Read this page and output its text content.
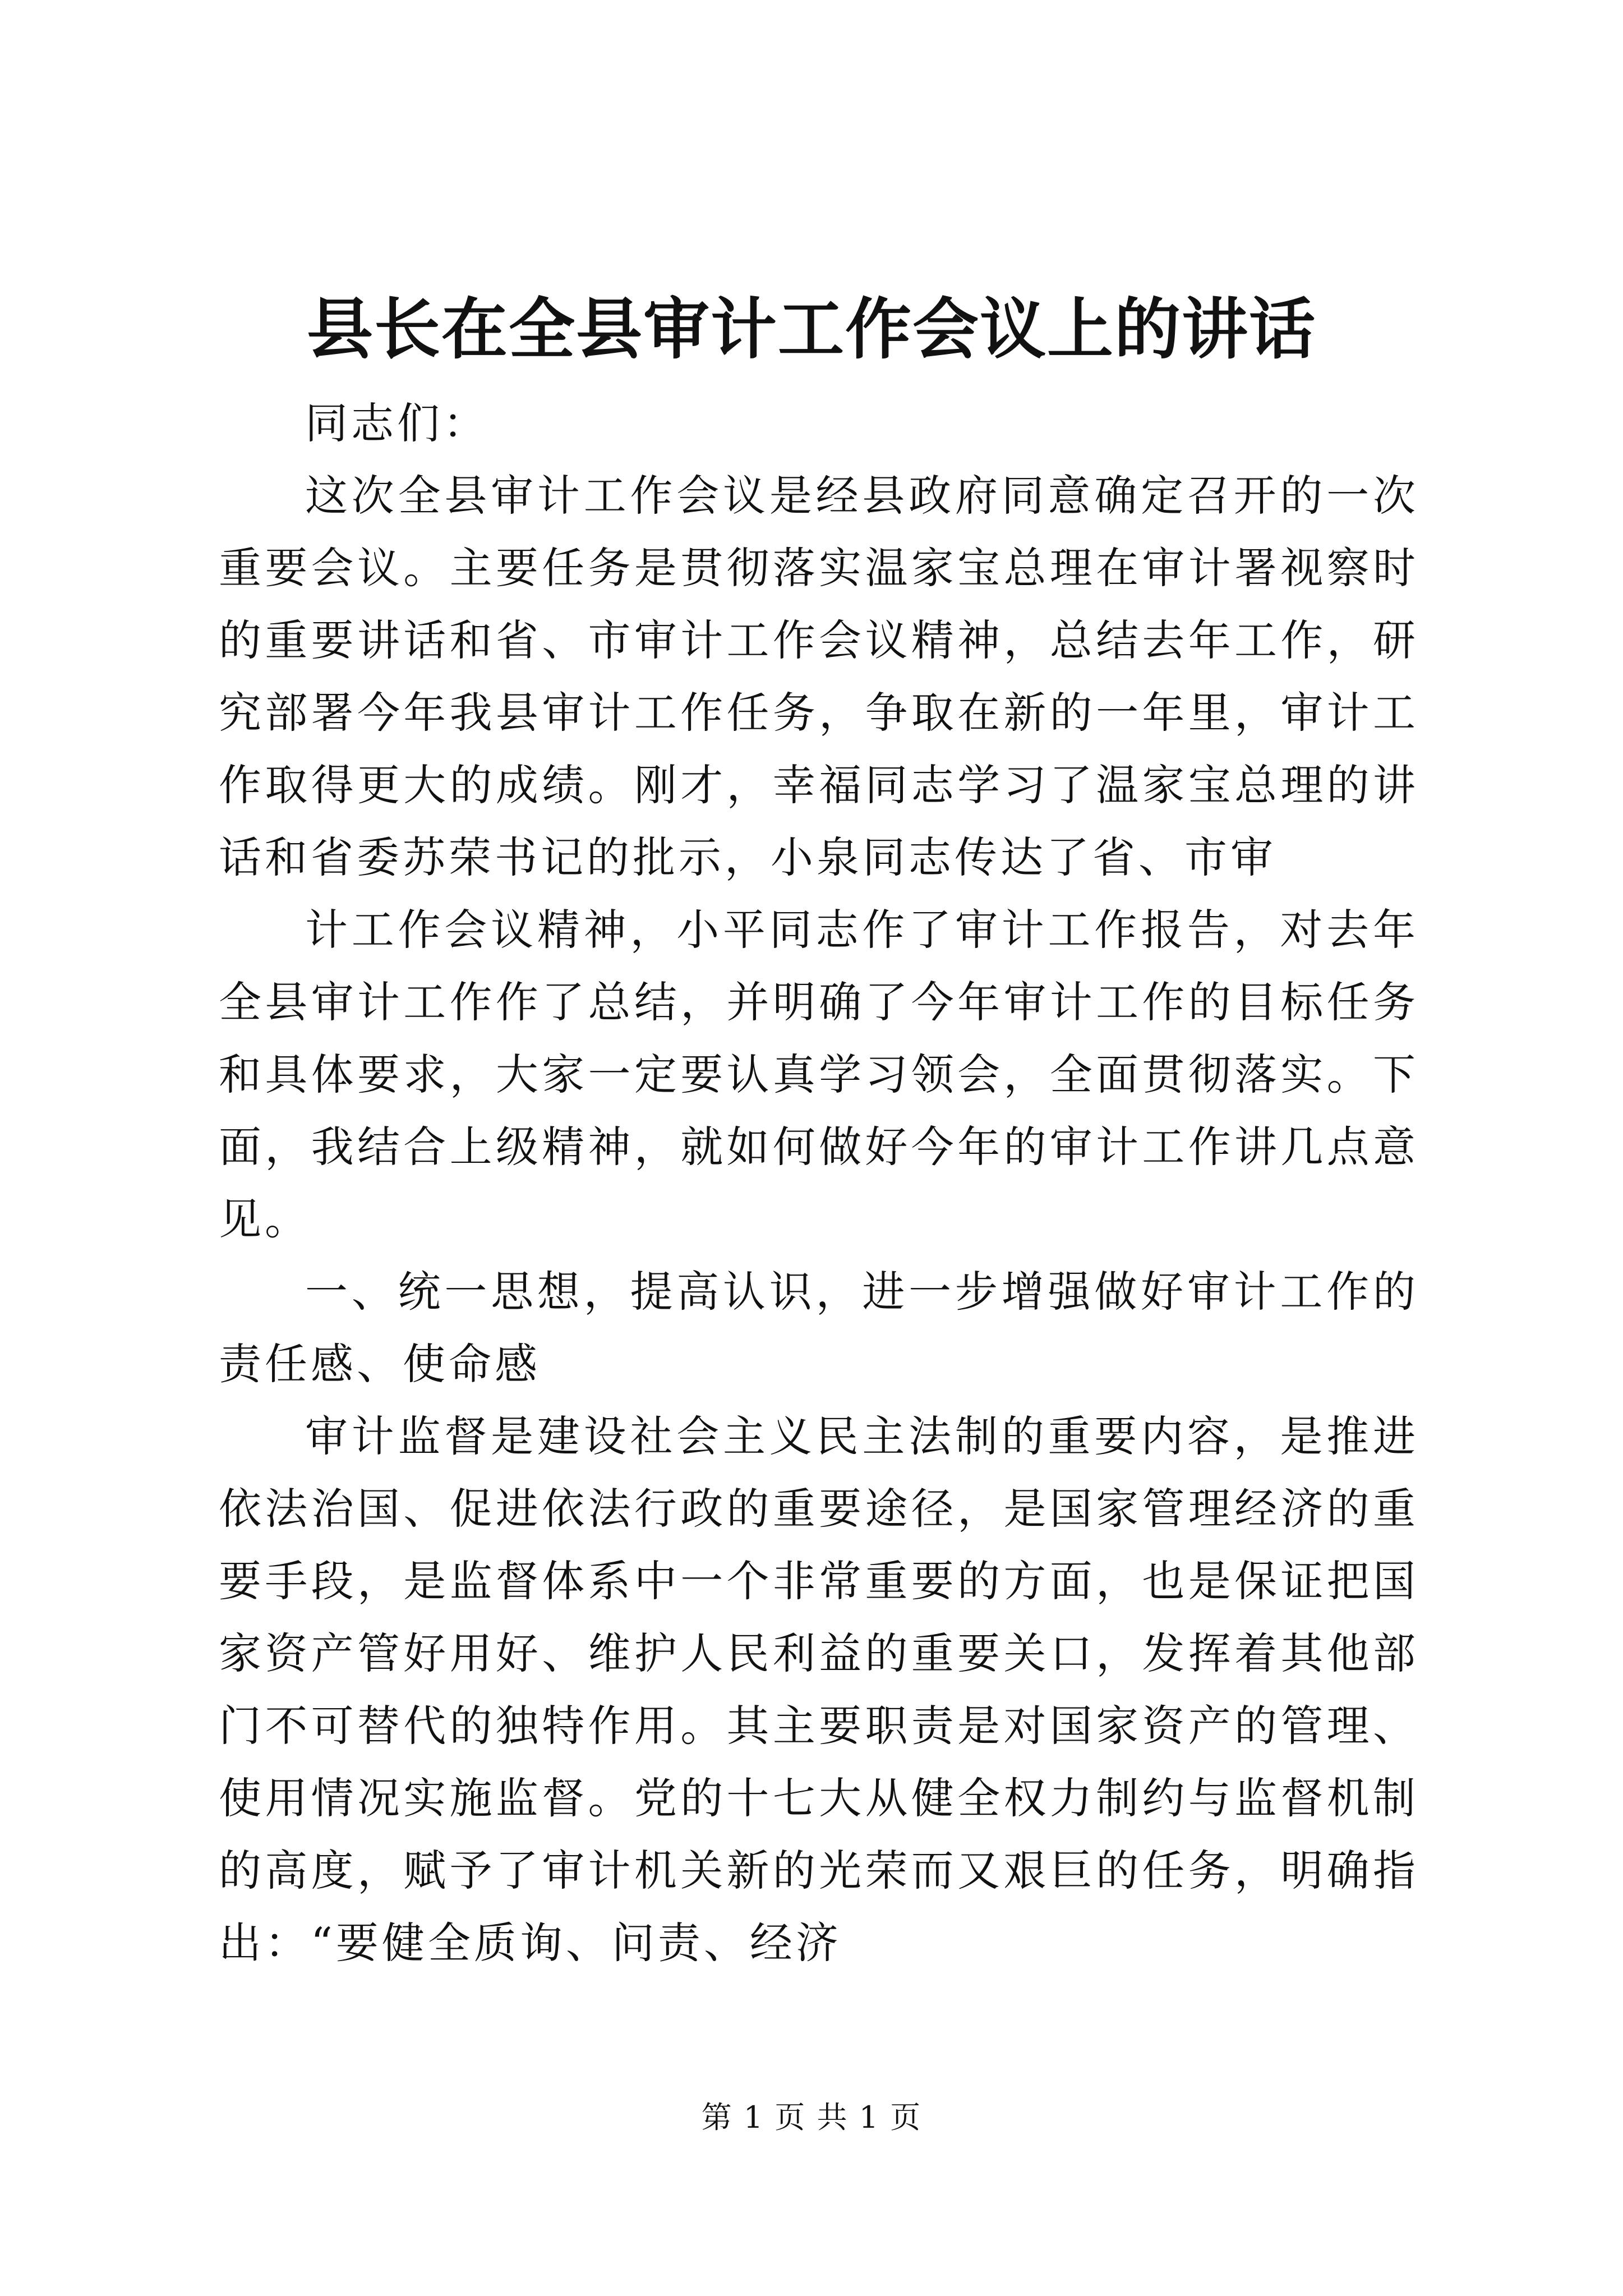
县长在全县审计工作会议上的讲话

同志们：

这次全县审计工作会议是经县政府同意确定召开的一次重要会议。主要任务是贯彻落实温家宝总理在审计署视察时的重要讲话和省、市审计工作会议精神，总结去年工作，研究部署今年我县审计工作任务，争取在新的一年里，审计工作取得更大的成绩。刚才，幸福同志学习了温家宝总理的讲话和省委苏荣书记的批示，小泉同志传达了省、市审

计工作会议精神，小平同志作了审计工作报告，对去年全县审计工作作了总结，并明确了今年审计工作的目标任务和具体要求，大家一定要认真学习领会，全面贯彻落实。下面，我结合上级精神，就如何做好今年的审计工作讲几点意见。

一、统一思想，提高认识，进一步增强做好审计工作的责任感、使命感

审计监督是建设社会主义民主法制的重要内容，是推进依法治国、促进依法行政的重要途径，是国家管理经济的重要手段，是监督体系中一个非常重要的方面，也是保证把国家资产管好用好、维护人民利益的重要关口，发挥着其他部门不可替代的独特作用。其主要职责是对国家资产的管理、使用情况实施监督。党的十七大从健全权力制约与监督机制的高度，赋予了审计机关新的光荣而又艰巨的任务，明确指出：“要健全质询、问责、经济

第 1 页 共 1 页
